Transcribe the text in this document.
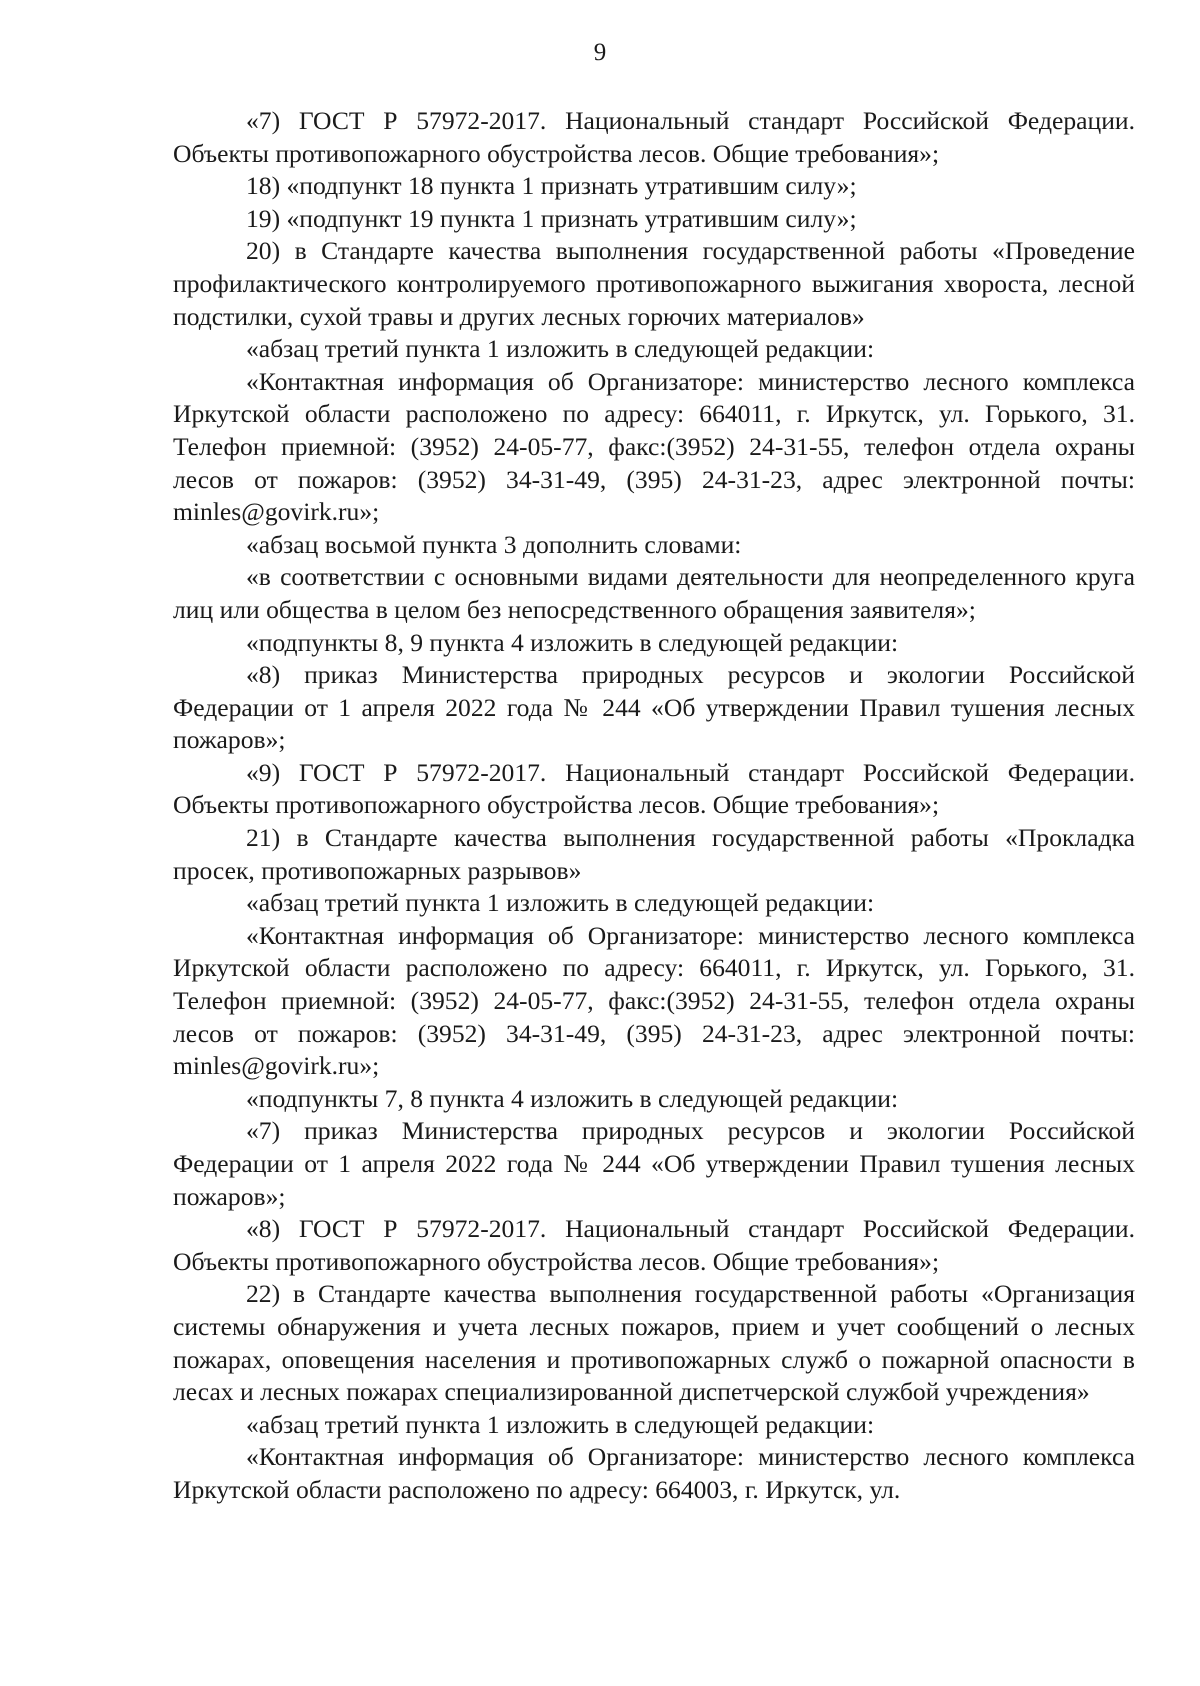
9

«7) ГОСТ Р 57972-2017. Национальный стандарт Российской Федерации. Объекты противопожарного обустройства лесов. Общие требования»;

18) «подпункт 18 пункта 1 признать утратившим силу»;

19) «подпункт 19 пункта 1 признать утратившим силу»;

20) в Стандарте качества выполнения государственной работы «Проведение профилактического контролируемого противопожарного выжигания хвороста, лесной подстилки, сухой травы и других лесных горючих материалов»

«абзац третий пункта 1 изложить в следующей редакции:

«Контактная информация об Организаторе: министерство лесного комплекса Иркутской области расположено по адресу: 664011, г. Иркутск, ул. Горького, 31. Телефон приемной: (3952) 24-05-77, факс:(3952) 24-31-55, телефон отдела охраны лесов от пожаров: (3952) 34-31-49, (395) 24-31-23, адрес электронной почты: minles@govirk.ru»;

«абзац восьмой пункта 3 дополнить словами:

«в соответствии с основными видами деятельности для неопределенного круга лиц или общества в целом без непосредственного обращения заявителя»;

«подпункты 8, 9 пункта 4 изложить в следующей редакции:

«8) приказ Министерства природных ресурсов и экологии Российской Федерации от 1 апреля 2022 года № 244 «Об утверждении Правил тушения лесных пожаров»;

«9) ГОСТ Р 57972-2017. Национальный стандарт Российской Федерации. Объекты противопожарного обустройства лесов. Общие требования»;

21) в Стандарте качества выполнения государственной работы «Прокладка просек, противопожарных разрывов»

«абзац третий пункта 1 изложить в следующей редакции:

«Контактная информация об Организаторе: министерство лесного комплекса Иркутской области расположено по адресу: 664011, г. Иркутск, ул. Горького, 31. Телефон приемной: (3952) 24-05-77, факс:(3952) 24-31-55, телефон отдела охраны лесов от пожаров: (3952) 34-31-49, (395) 24-31-23, адрес электронной почты: minles@govirk.ru»;

«подпункты 7, 8 пункта 4 изложить в следующей редакции:

«7) приказ Министерства природных ресурсов и экологии Российской Федерации от 1 апреля 2022 года № 244 «Об утверждении Правил тушения лесных пожаров»;

«8) ГОСТ Р 57972-2017. Национальный стандарт Российской Федерации. Объекты противопожарного обустройства лесов. Общие требования»;

22) в Стандарте качества выполнения государственной работы «Организация системы обнаружения и учета лесных пожаров, прием и учет сообщений о лесных пожарах, оповещения населения и противопожарных служб о пожарной опасности в лесах и лесных пожарах специализированной диспетчерской службой учреждения»

«абзац третий пункта 1 изложить в следующей редакции:

«Контактная информация об Организаторе: министерство лесного комплекса Иркутской области расположено по адресу: 664003, г. Иркутск, ул.
